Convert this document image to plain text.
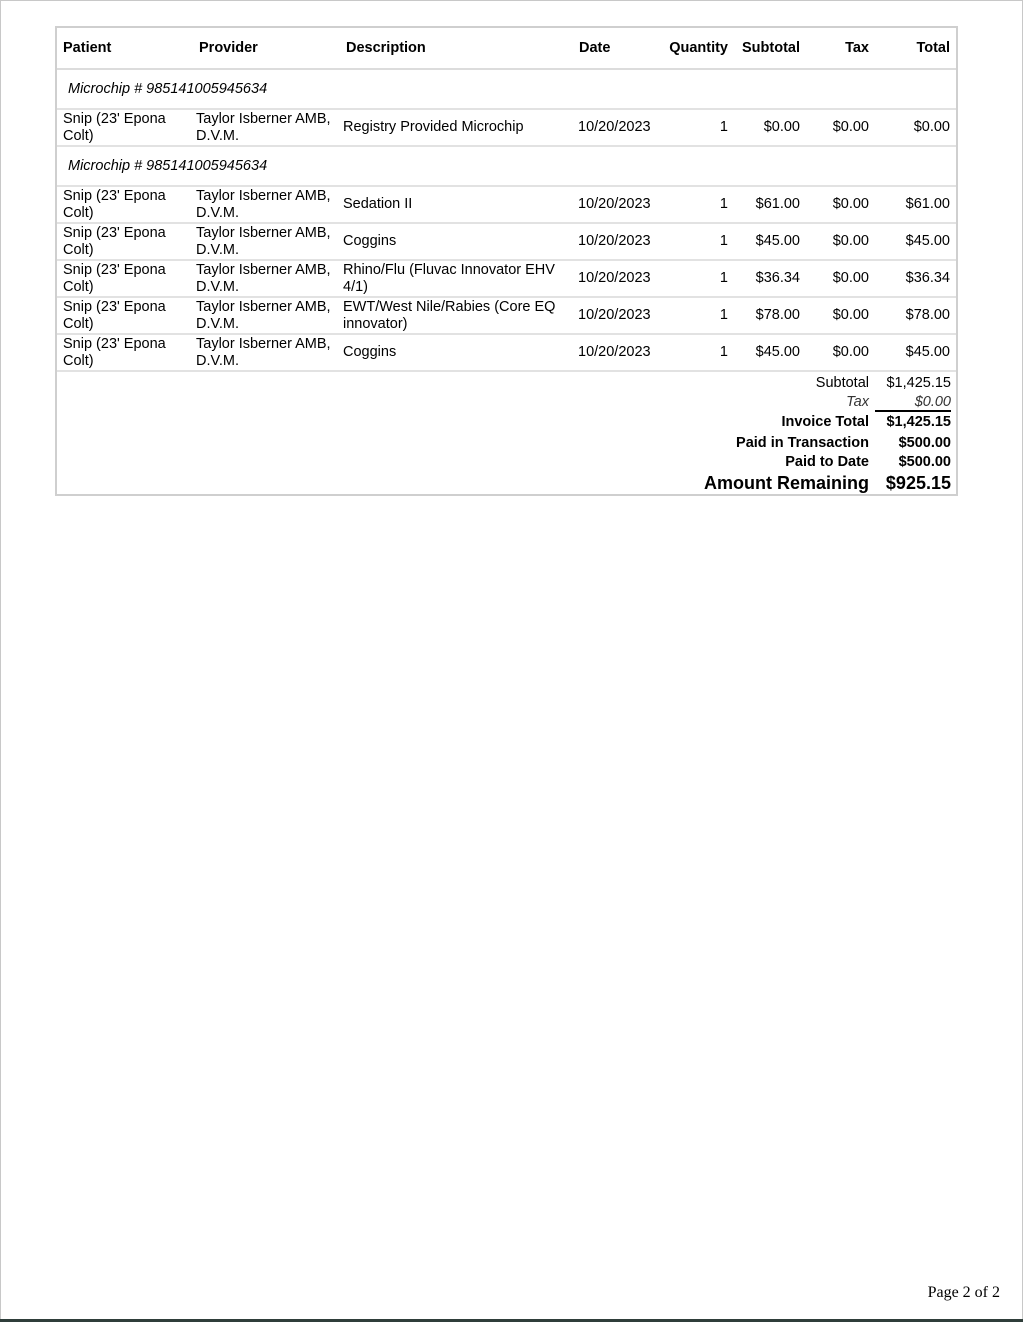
Patient	Provider	Description	Date	Quantity	Subtotal	Tax	Total
Microchip # 985141005945634							
Snip (23' Epona Colt)	Taylor Isberner AMB, D.V.M.	Registry Provided Microchip	10/20/2023	1	$0.00	$0.00	$0.00
Microchip # 985141005945634							
Snip (23' Epona Colt)	Taylor Isberner AMB, D.V.M.	Sedation II	10/20/2023	1	$61.00	$0.00	$61.00
Snip (23' Epona Colt)	Taylor Isberner AMB, D.V.M.	Coggins	10/20/2023	1	$45.00	$0.00	$45.00
Snip (23' Epona Colt)	Taylor Isberner AMB, D.V.M.	Rhino/Flu (Fluvac Innovator EHV 4/1)	10/20/2023	1	$36.34	$0.00	$36.34
Snip (23' Epona Colt)	Taylor Isberner AMB, D.V.M.	EWT/West Nile/Rabies (Core EQ innovator)	10/20/2023	1	$78.00	$0.00	$78.00
Snip (23' Epona Colt)	Taylor Isberner AMB, D.V.M.	Coggins	10/20/2023	1	$45.00	$0.00	$45.00
Subtotal	$1,425.15
Tax	$0.00
Invoice Total	$1,425.15
Paid in Transaction	$500.00
Paid to Date	$500.00
Amount Remaining $925.15
Page 2 of 2
